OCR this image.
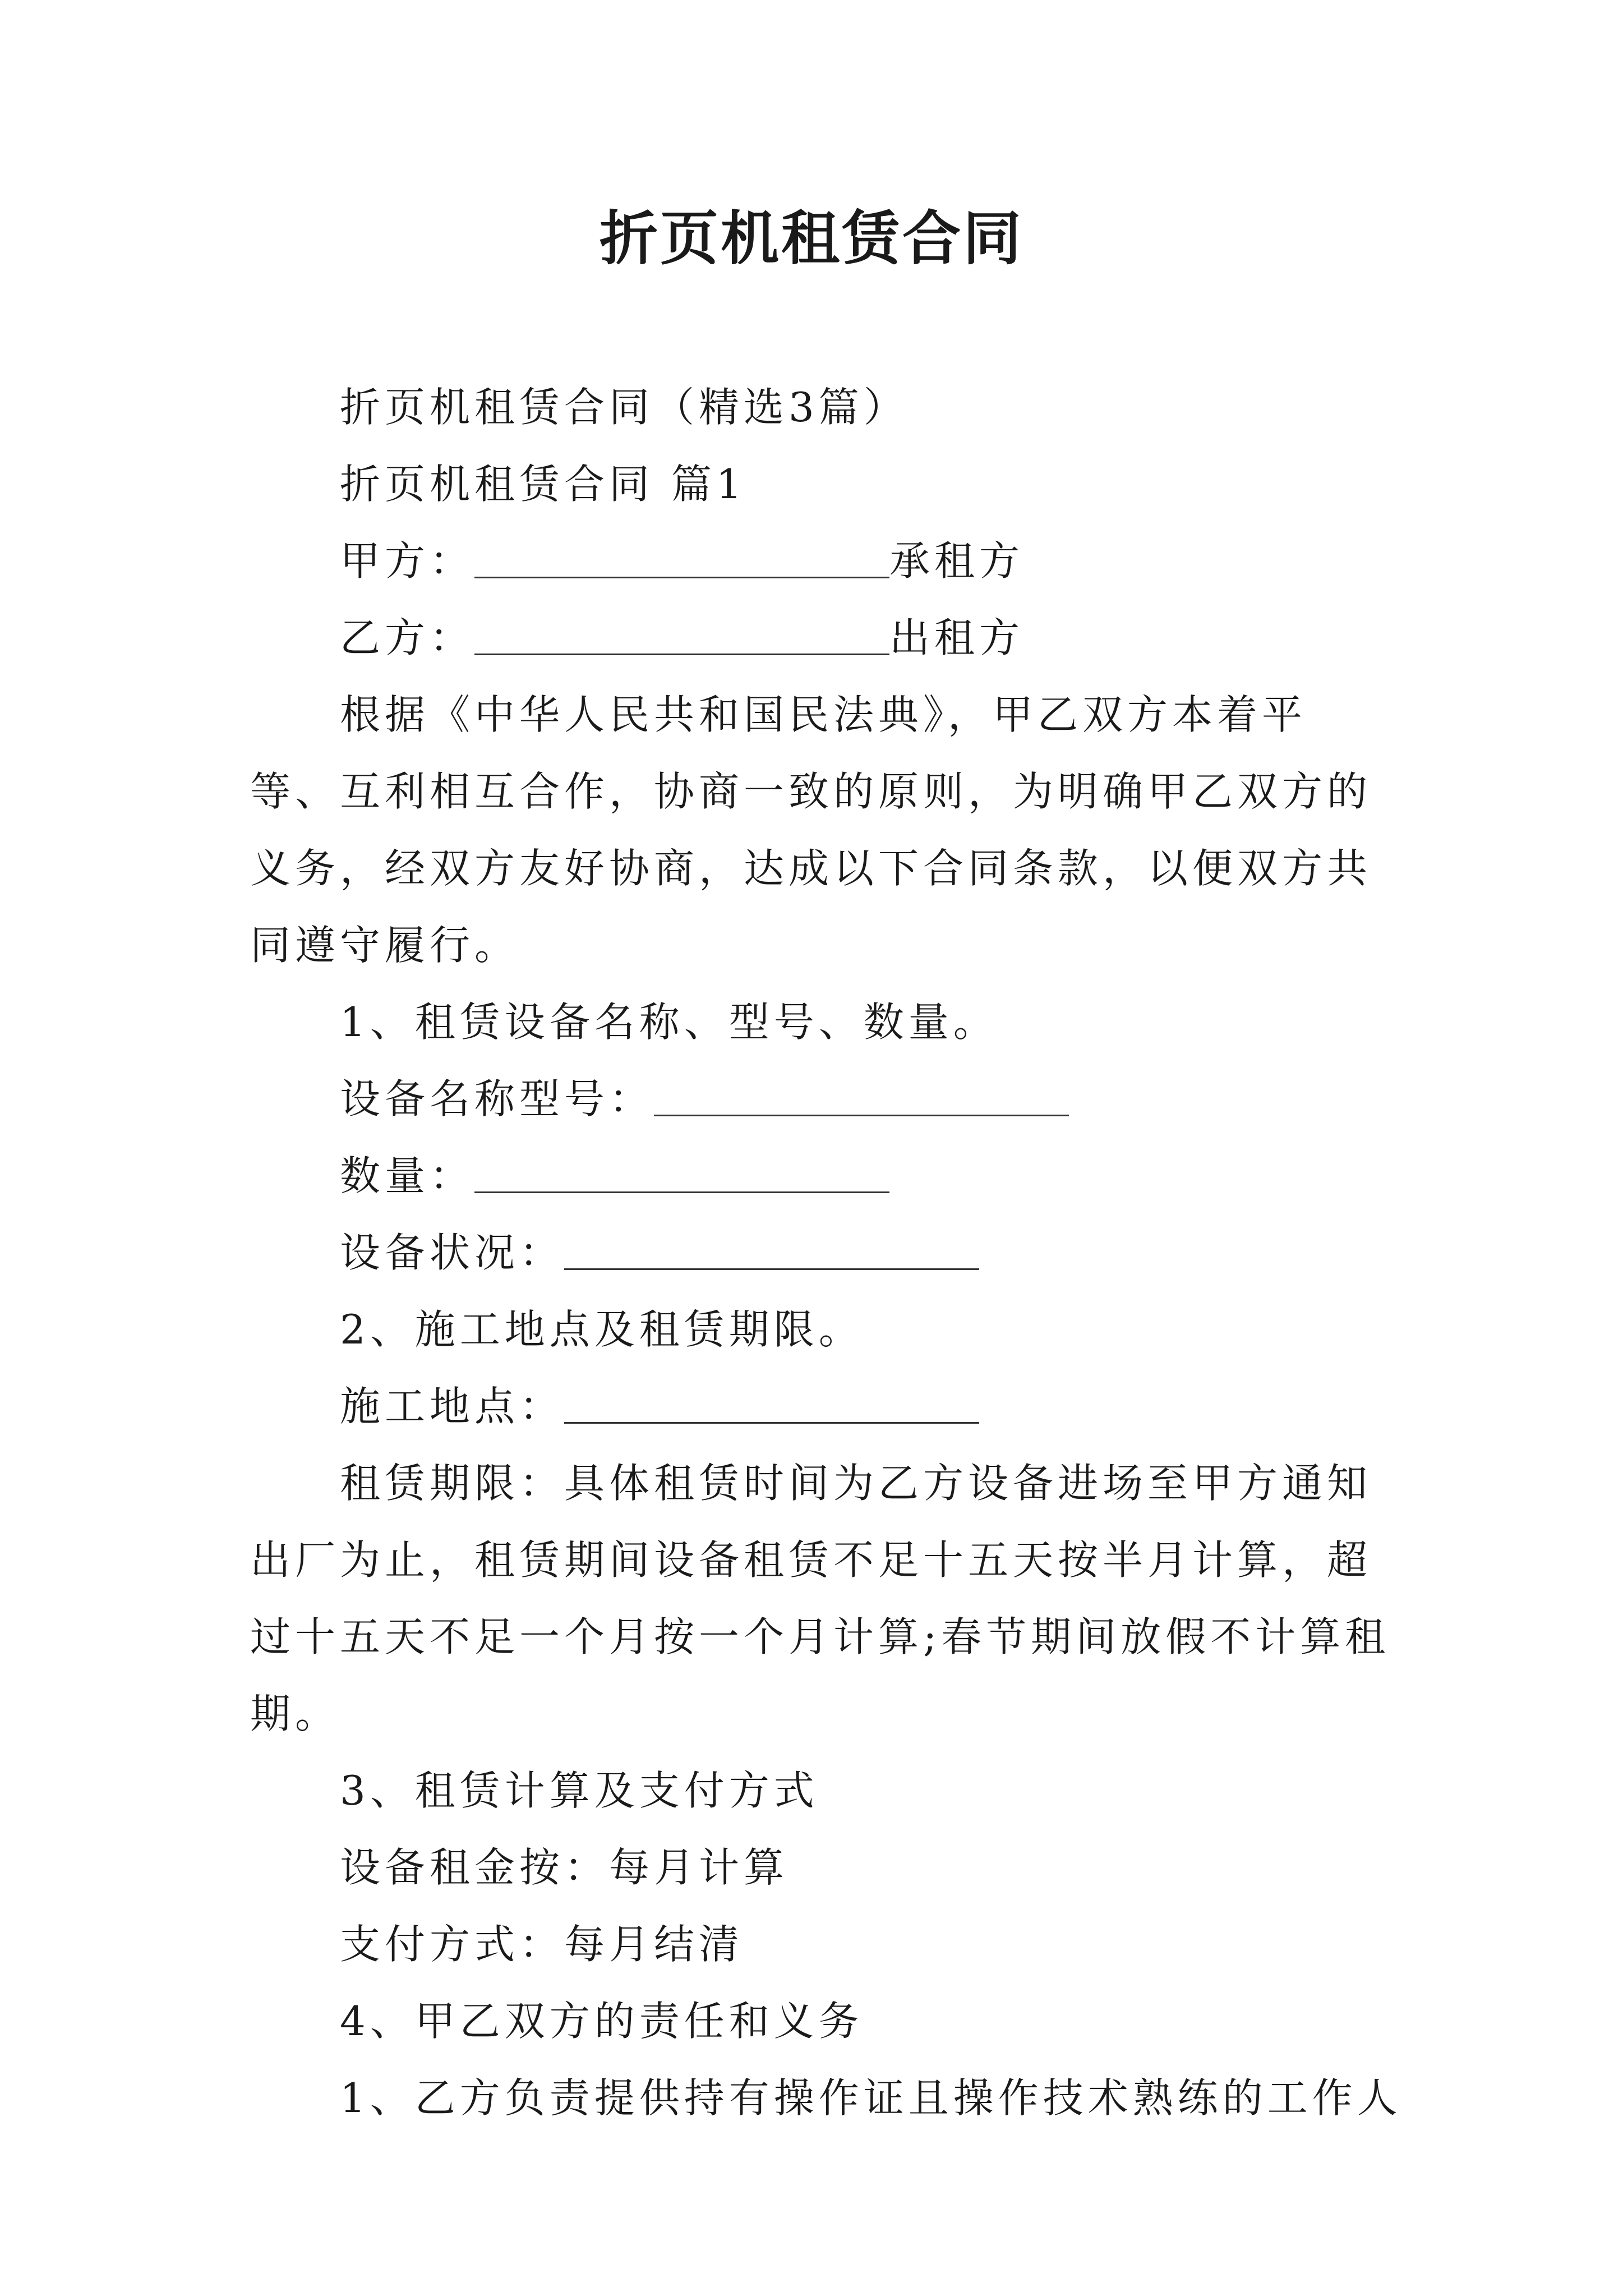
折页机租赁合同

折页机租赁合同（精选3篇）

折页机租赁合同 篇1

甲方：	承租方

乙方：	出租方

根据《中华人民共和国民法典》，甲乙双方本着平等、互利相互合作，协商一致的原则，为明确甲乙双方的义务，经双方友好协商，达成以下合同条款，以便双方共同遵守履行。

1、租赁设备名称、型号、数量。

设备名称型号：

数量：

设备状况：

2、施工地点及租赁期限。

施工地点：

租赁期限：具体租赁时间为乙方设备进场至甲方通知出厂为止，租赁期间设备租赁不足十五天按半月计算，超过十五天不足一个月按一个月计算;春节期间放假不计算租期。

3、租赁计算及支付方式

设备租金按：每月计算

支付方式：每月结清

4、甲乙双方的责任和义务

1、乙方负责提供持有操作证且操作技术熟练的工作人
